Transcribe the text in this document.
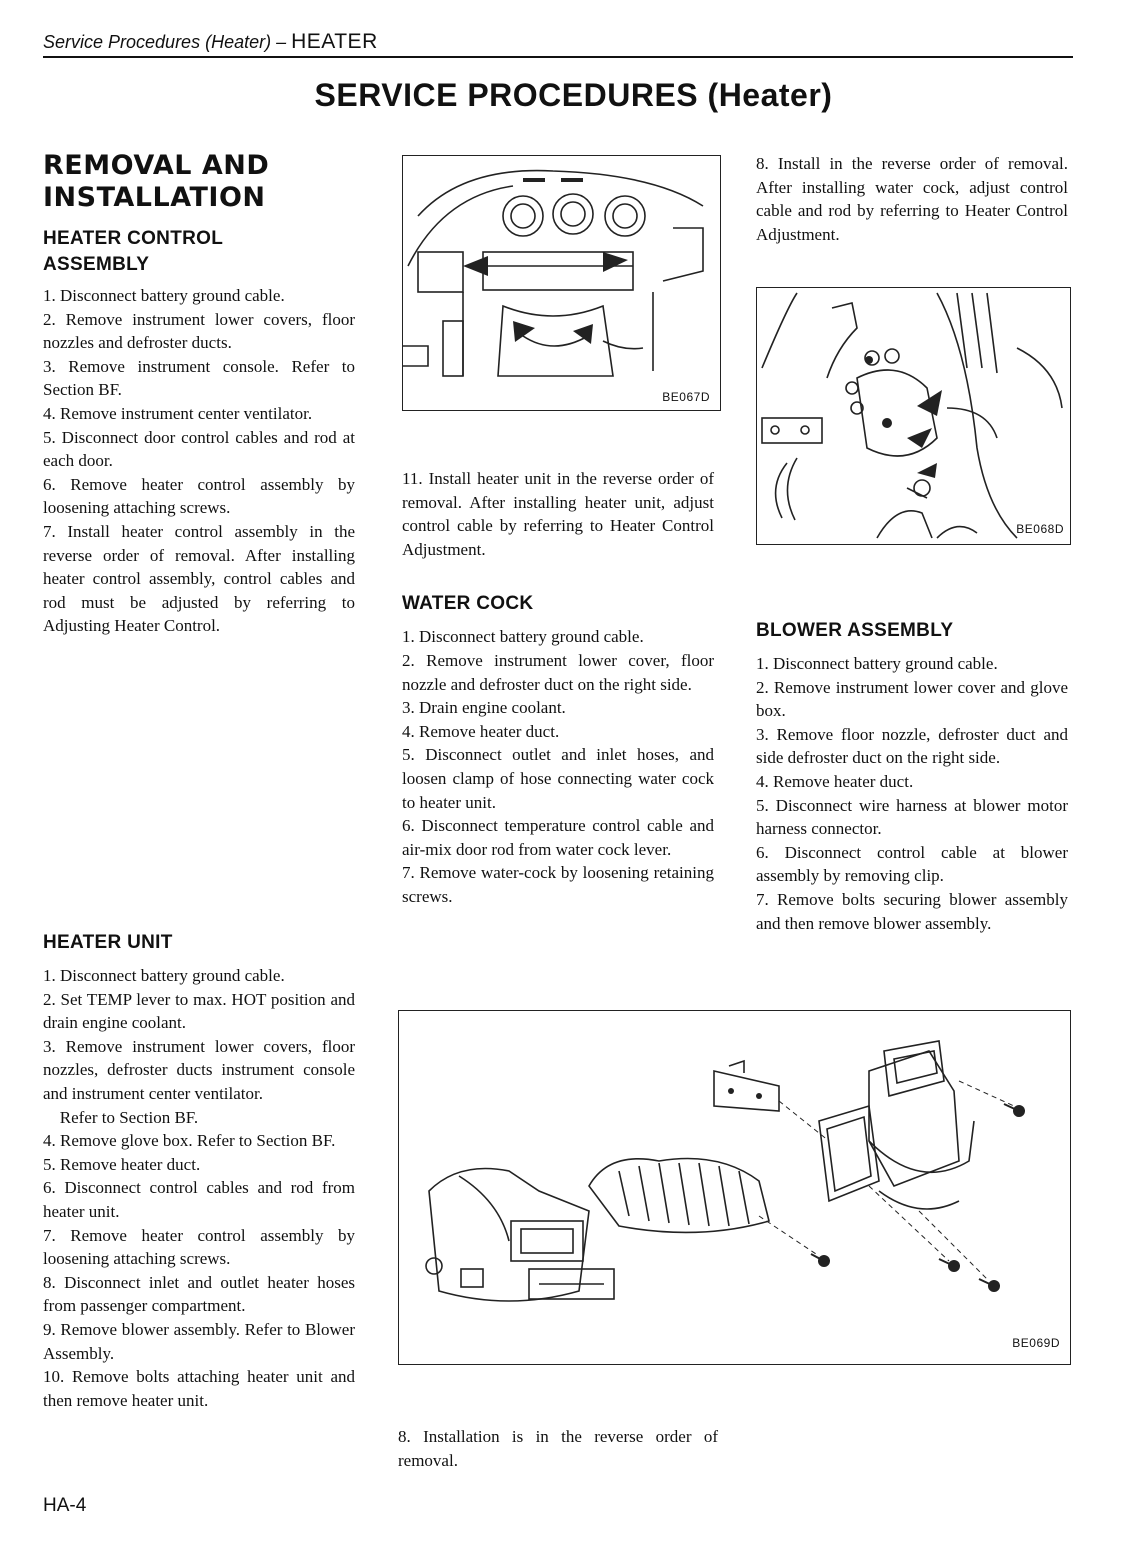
Service Procedures (Heater) – HEATER
SERVICE PROCEDURES (Heater)
REMOVAL AND INSTALLATION
HEATER CONTROL ASSEMBLY

1. Disconnect battery ground cable.

2. Remove instrument lower covers, floor nozzles and defroster ducts.

3. Remove instrument console. Refer to Section BF.

4. Remove instrument center ventilator.

5. Disconnect door control cables and rod at each door.

6. Remove heater control assembly by loosening attaching screws.

7. Install heater control assembly in the reverse order of removal. After installing heater control assembly, control cables and rod must be adjusted by referring to Adjusting Heater Control.

HEATER UNIT

1. Disconnect battery ground cable.

2. Set TEMP lever to max. HOT position and drain engine coolant.

3. Remove instrument lower covers, floor nozzles, defroster ducts instrument console and instrument center ventilator.

Refer to Section BF.

4. Remove glove box. Refer to Section BF.

5. Remove heater duct.

6. Disconnect control cables and rod from heater unit.

7. Remove heater control assembly by loosening attaching screws.

8. Disconnect inlet and outlet heater hoses from passenger compartment.

9. Remove blower assembly. Refer to Blower Assembly.

10. Remove bolts attaching heater unit and then remove heater unit.

BE067D

11. Install heater unit in the reverse order of removal. After installing heater unit, adjust control cable by referring to Heater Control Adjustment.

WATER COCK

1. Disconnect battery ground cable.

2. Remove instrument lower cover, floor nozzle and defroster duct on the right side.

3. Drain engine coolant.

4. Remove heater duct.

5. Disconnect outlet and inlet hoses, and loosen clamp of hose connecting water cock to heater unit.

6. Disconnect temperature control cable and air-mix door rod from water cock lever.

7. Remove water-cock by loosening retaining screws.

8. Install in the reverse order of removal. After installing water cock, adjust control cable and rod by referring to Heater Control Adjustment.

BE068D
BLOWER ASSEMBLY

1. Disconnect battery ground cable.

2. Remove instrument lower cover and glove box.

3. Remove floor nozzle, defroster duct and side defroster duct on the right side.

4. Remove heater duct.

5. Disconnect wire harness at blower motor harness connector.

6. Disconnect control cable at blower assembly by removing clip.

7. Remove bolts securing blower assembly and then remove blower assembly.

BE069D

8. Installation is in the reverse order of removal.

HA-4
